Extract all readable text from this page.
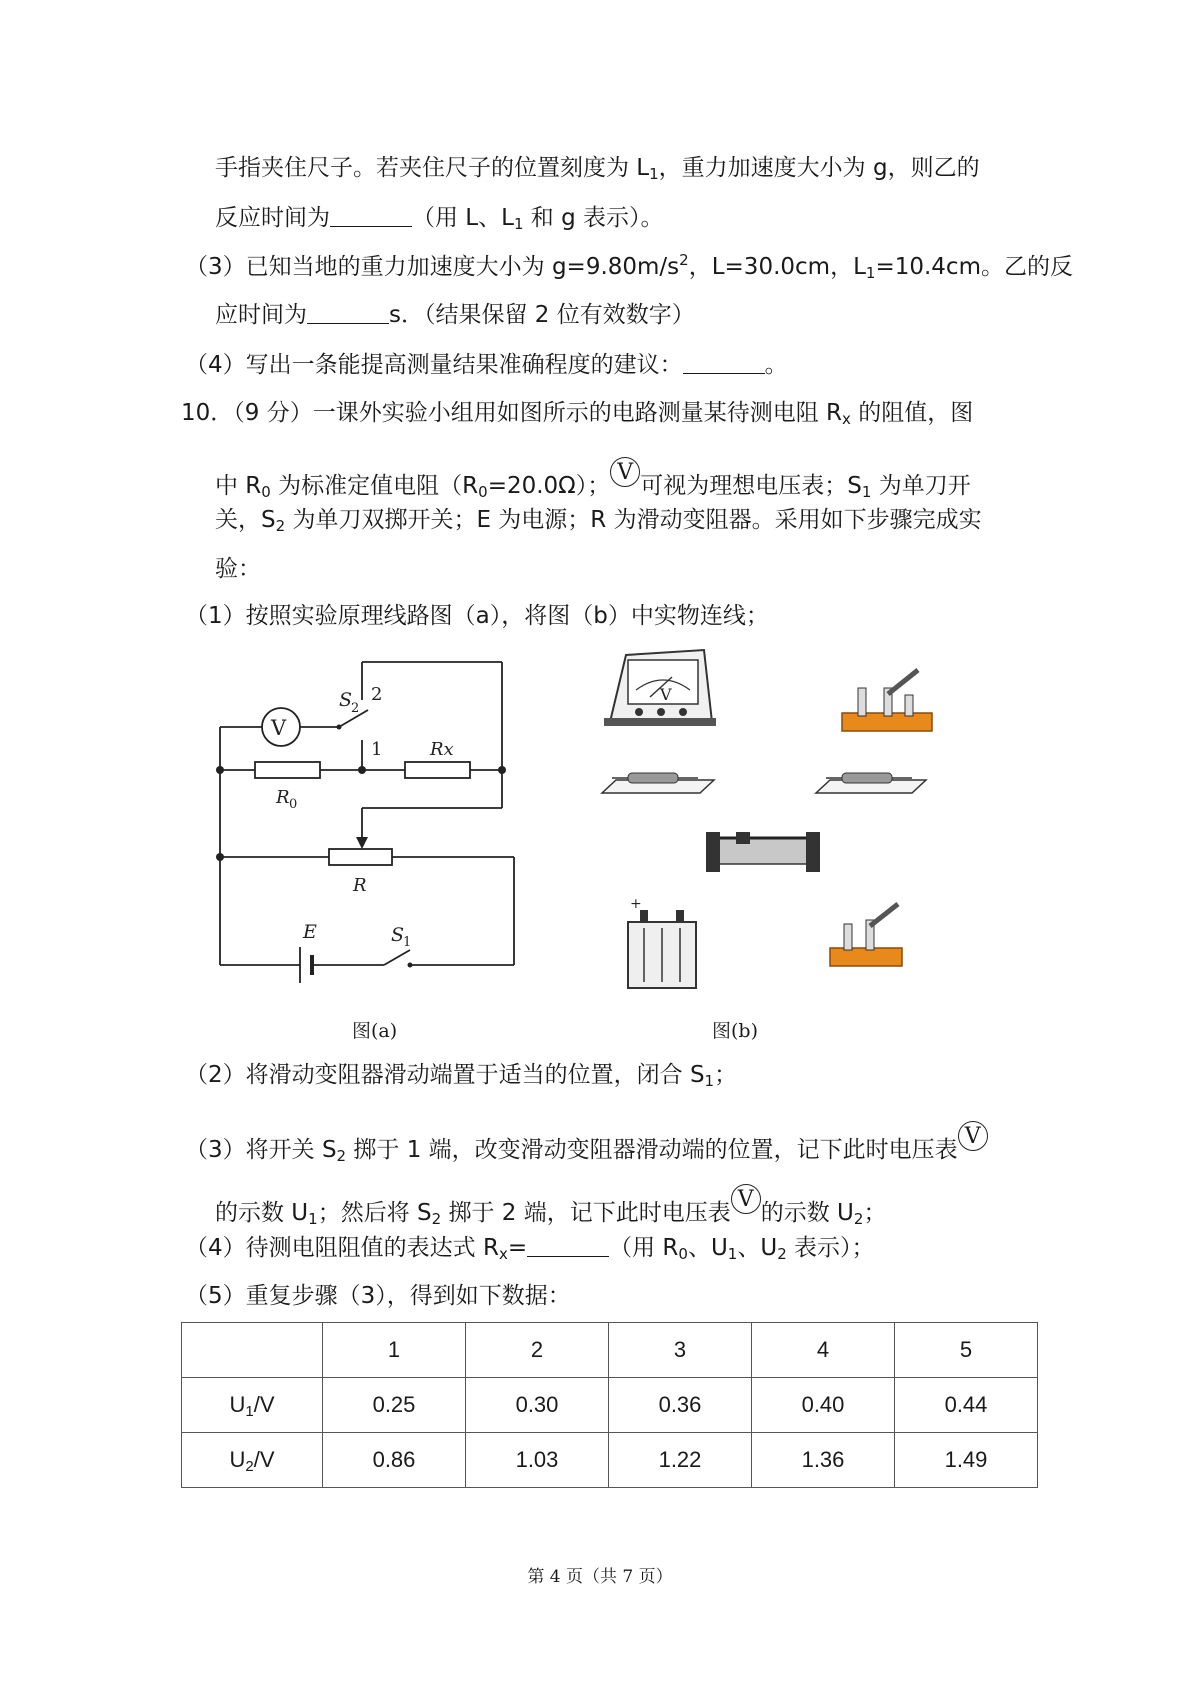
手指夹住尺子。若夹住尺子的位置刻度为 $L_1$，重力加速度大小为 g，则乙的
反应时间为	（用 L、$L_1$ 和 g 表示）。
（3）已知当地的重力加速度大小为 $g=9.80m/s^2$，L=30.0cm，$L_1=10.4cm$。乙的反
应时间为	s．（结果保留 2 位有效数字）
（4）写出一条能提高测量结果准确程度的建议：	。
10．（9 分）一课外实验小组用如图所示的电路测量某待测电阻 $R_x$ 的阻值，图
中 $R_0$ 为标准定值电阻$(R_0=20.0\Omega)$；V可视为理想电压表；$S_1$ 为单刀开
关，$S_2$ 为单刀双掷开关；E 为电源；R 为滑动变阻器。采用如下步骤完成实
验：
（1）按照实验原理线路图（a），将图（b）中实物连线；
V
S
2
2
1	Rx
R 0
R
E	S
1
V
+
图(a)	图(b)
（2）将滑动变阻器滑动端置于适当的位置，闭合 $S_1$；
（3）将开关 $S_2$ 掷于 1 端，改变滑动变阻器滑动端的位置，记下此时电压表V
的示数 $U_1$；然后将 $S_2$ 掷于 2 端，记下此时电压表V的示数 $U_2$；
（4）待测电阻阻值的表达式 $R_x=$	（用 $R_0$、$U_1$、$U_2$ 表示）；
（5）重复步骤（3），得到如下数据：
	1	2	3	4	5
$U_1/V$	0.25	0.30	0.36	0.40	0.44
$U_2/V$	0.86	1.03	1.22	1.36	1.49
第 4 页（共 7 页）
